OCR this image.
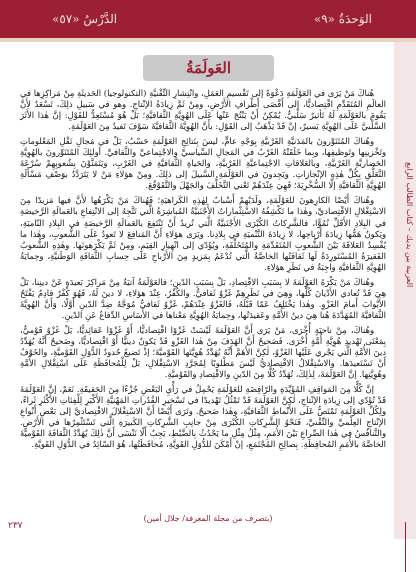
الوَحدَةُ «٩»
الدَّرْسُ «٥٧»
العربية بين يديك – كتاب الطالب الرابع
العَولَمَةُ

هُناكَ مَنْ يَرَى في العَوْلَمَةِ دَعْوَةً إلى تَقْسيمِ العَمَلِ، وانْتِشارِ التِّقْنيَّةِ (التكنولوجيا) الحَديثَةِ مِنْ مَراكِزِها في العالَمِ المُتَقَدِّمِ اقْتِصاديًّا، إلى أَقْصَى أَطْرافِ الأَرْضِ، ومِنْ ثَمَّ زِيادَةُ الإنْتاجِ. وهو في سَبيلِ ذلِكَ، تَسْعَدُ لأَنَّ يَقُومَ بالعَوْلَمَةِ لَهُ تَأثيرٌ سَلْبيٌّ. يُمْكِنُ أَنْ يَنْتُجَ عَنْها عَلَى الهُوِيَّةِ الثَّقافيَّةِ؛ بَلْ هُوَ مُسْتَعِدٌّ للقَوْلِ: إنَّ هٰذا الأَثَرَ السَّلْبيَّ عَلَى الهُوِيَّةِ يَسيرٌ، إنْ قَدْ يَذْهَبُ إلى القَوْلِ: بأَنَّ الهُوِيَّةَ الثَّقافيَّةَ سَوْفَ تَفيدُ مِنَ العَوْلَمَةِ.

وهُناكَ المُتَنَوِّرونَ بالمَدَنيَّةِ الغَرْبيَّةِ بِوَجْهِ عامٍّ، ليسَ بِنَتائِجِ العَوْلَمَةِ حَسْبُ، بَلْ في مَجالِ نَقْلِ المَعْلوماتِ وتَخْزينِها وتَوظيفِها، وبِما خَلَقَتْهُ الغَرْبُ في المَجالِ السِّياسيِّ والاجْتِماعيِّ والثَّقافيِّ. أولئِكَ المُتَنَوِّرونَ بالهُوِيَّةِ الحَضاريَّةِ الغَرْبيَّةِ، وبالعَلاقاتِ الاجْتِماعيَّةِ الغَرْبيَّةِ، والحَياةِ الثَّقافيَّةِ في الغَرْبِ، ويَتَمَنَّوْنَ بِشُعوبِهِمْ سُرْعَةَ التَّعَلُّقِ بِكُلِّ هٰذِهِ الإنْجازاتِ. ويَجِدونَ في العَوْلَمَةِ السَّبيلَ إلى ذلِكَ. ومِنْ هؤلاءِ مَنْ لا يَتَرَدَّدُ بوَصْفِ مَسْأَلَةِ الهُوِيَّةِ الثَّقافيَّةِ إلّا السُّخْرِيَةَ؛ فَهِيَ عِنْدَهُمْ تَعْني التَّخَلُّفَ والجَهْلَ والتَّقَوْقُعَ.

وهُناكَ أَيْضًا الكارِهونَ للعَوْلَمَةِ، ولَدَيْهِمْ أَسْبابُ لِهٰذِهِ الكَراهيَةِ؛ فَهُناكَ مَنْ يَكْرَهُها لأَنَّ فيها مَزيدًا مِنَ الاسْتِغْلالِ الاقْتِصاديِّ، وهٰذا ما تَكْشِفُهُ الاسْتِثْماراتُ الأَجْنَبيَّةُ المُباشِرَةُ الَّتي تَتَّجِهُ إلى الانْتِفاعِ بالعَمالَةِ الرَّخيصَةِ في البِلادِ الأَقَلِّ نُمُوًّا، فالشَّرِكاتُ الكُبْرَى الأَجْنَبيَّةُ الَّتي تُريدُ أَنْ تَنْتَفِعَ بالعَمالَةِ الرَّخيصَةِ في البِلادِ النّاميَةِ، ويَكونُ هَمُّها زِيادَةَ أَرْباحِها، لا زِيادَةَ التَّنْميَةِ في بِلادِنا. ويَرَى هؤلاءِ أَنَّ المَنافِعَ لا تَعودُ عَلَى الشُّعوبِ، وهٰذا ما يُفْسِدُ العَلاقَةَ بَيْنَ الشُّعوبِ المُتَقَدِّمَةِ والمُتَخَلِّفَةِ، ويُؤَدّي إلى انْهِيارِ القِيَمِ، ومِنْ ثَمَّ يَكْرَهونَها. وهٰذِهِ الشُّعوبُ الفَقيرَةُ المُسْتَورِدَةُ لَها ثَقافَتُها الخاصَّةُ الَّتي تُدْعَمُ بِمَزيدٍ مِنَ الأَرْباحِ عَلَى حِسابِ الثَّقافَةِ الوَطَنيَّةِ، وحِمايَةُ الهُوِيَّةِ الثَّقافيَّةِ واجِبَةٌ في نَظَرِ هؤلاءِ.

وهُناكَ مَنْ يَكْرَهُ العَوْلَمَةَ لا بِسَبَبِ الاقْتِصادِ، بَلْ بِسَبَبِ الدّينِ؛ فالعَوْلَمَةُ آتيَةٌ مِنْ مَراكِزَ بَعيدَةٍ عَنْ دينِنا، بَلْ هِيَ قَدْ تُعادي الأَدْيانَ كُلَّها، وهِيَ في نَظَرِهِمْ غَزْوٌ ثَقافيٌّ. والكُفْرُ، عِنْدَ هؤلاءِ، لا دينَ لَهُ، فَهُوَ كُفْرٌ قادِمٌ يَفْتَحُ الأَبْوابَ أَمامَ الغَزْوِ. وهٰذا يَخْتَلِفُ عَمّا قَبْلَهُ، فَالغَزْوُ عِنْدَهُمْ، غَزْوٌ ثَقافيٌّ مُوَجَّهٌ ضِدَّ الدّينِ أَوَّلًا، وَأَنَّ الهُوِيَّةَ الثَّقافيَّةَ المُهَدَّدَةَ هُنا هِيَ دينُ الأُمَّةِ وعَقيدَتُها، وحِمايَةُ الهُوِيَّةِ مَعْناها في الأَسَاسِ الدِّفاعُ عَنِ الدّينِ.

وهُناكَ، مِنْ ناحيَةٍ أُخْرَى، مَنْ يَرَى أَنَّ العَوْلَمَةَ لَيْسَتْ غَزْوًا اقْتِصاديًّا، أَوْ غَزْوًا عَقائِديًّا، بَلْ غَزْوٌ قَوْميٌّ، بِمَعْنَى تَهْديدِ هُوِيَّةِ أُمَّةٍ أُخْرَى. فَصَحيحٌ أَنَّ الهَدَفَ مِنْ هٰذا الغَزْوِ قَدْ يَكونُ دينيًّا أَوْ اقْتِصاديًّا، وصَحيحٌ أَنَّهُ يُهَدِّدُ دينَ الأُمَّةِ الَّتي يَجْري عَلَيْها الغَزْوُ، لٰكِنَّ الأَهَمَّ أَنَّهُ يُهَدِّدُ هُوِيَّتَها القَوْميَّةَ؛ إذْ تَضيعُ حُدودُ الدُّوَلِ القَوْميَّةِ، والخَوْفُ أَنْ تَسْتَعيدَها. والاسْتِقْلالُ الاقْتِصاديُّ لَيْسَ مَطْلوبًا لِمُجَرَّدِ الاسْتِقْلالِ، بَلْ لِلْمُحافَظَةِ عَلَى اسْتِقْلالِ الأُمَّةِ وهُوِيَّتِها. إنَّ العَوْلَمَةَ، لِذٰلِكَ، تُهَدِّدُ كُلًّا مِنَ الدّينِ والاقْتِصادِ والقَوْميَّةِ.

إنَّ كُلًّا مِنَ المَواقِفِ المُؤَيِّدَةِ والرّافِضَةِ للعَوْلَمَةِ يَحْمِلُ في رَأْيِ البَعْضِ جُزْءًا مِنَ الحَقيقَةِ. نَعَمْ، إنَّ العَوْلَمَةَ قَدْ تُؤَدّي إلى زِيادَةِ الإنْتاجِ، لٰكِنَّ العَوْلَمَةَ قَدْ تَمْثُلُ تَهْديدًا في تَسْخيرِ القُدُراتِ المَهْنيَّةِ الأَكْبَرِ لِلْفِئاتِ الأَكْثَرِ ثَراءً، ولِكُلِّ العَوْلَمَةِ تَمْتَصُّ عَلَى الأَنْماطِ الثَّقافيَّةِ، وهٰذا صَحيحٌ. وتَرَى أَيْضًا أَنَّ الاسْتِغْلالَ الاقْتِصاديَّ إلى بَعْضِ أَنْواعِ الإنْتاجِ العِلْميِّ والتِّقْنيِّ، فَنَحْوُ الشَّرِكاتِ الكُبْرَى مِنْ جانِبِ الشَّرِكاتِ الكَبيرَةِ الَّتي تَسْتَثْمِرُها في الأَرْضِ. والتَّنافُسُ في هٰذا الصِّراعِ بَيْنَ الأُمَمِ، مِثْلُ مِثْلِ ما يَحْدُثُ بِالضَّبْطِ، يَجِبُ أَلّا نَنْسَى أَنَّ ذٰلِكَ يُهَدِّدُ الثَّقافَةَ القَوْميَّةَ الخاصَّةَ بالأُمَمِ المُحافِظَةِ. بِصالِحِ المُجْتَمَعِ، إنْ أَمْكَنَ للدُّوَلِ القَويَّةِ، مُحافَظَتُها، هُوَ السّائِدُ في الدُّوَلِ القَويَّةِ.

(بتصرف من مجلة المعرفة/ جلال أمين)
٢٣٧
